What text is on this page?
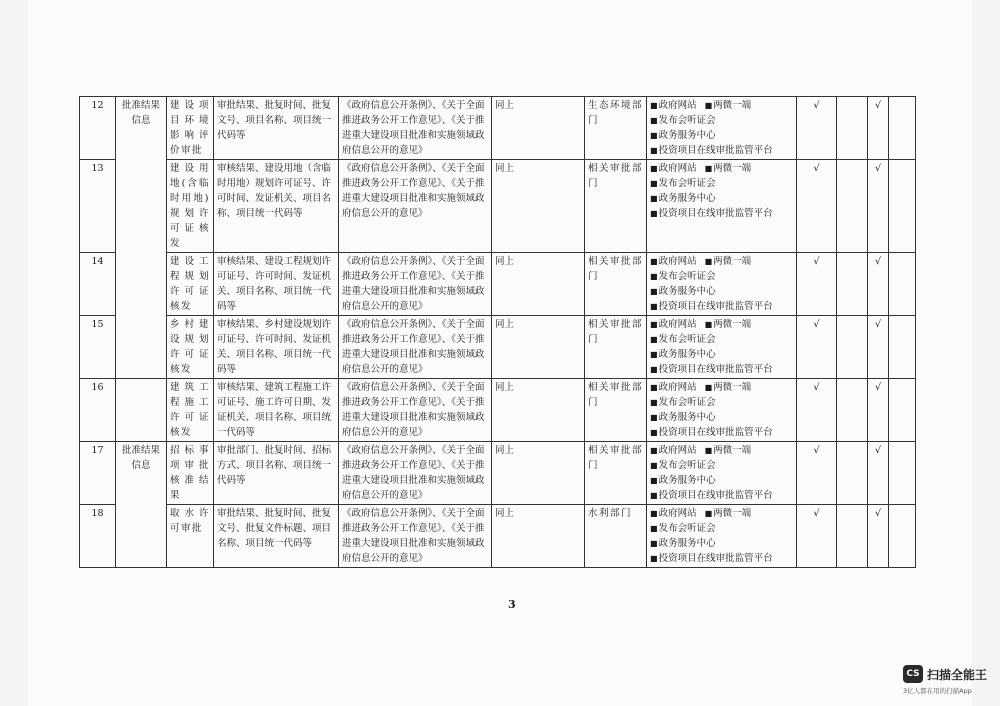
12	批准结果信息	建设项目环境影响评价审批	审批结果、批复时间、批复文号、项目名称、项目统一代码等	《政府信息公开条例》、《关于全面推进政务公开工作意见》、《关于推进重大建设项目批准和实施领域政府信息公开的意见》	同上	生态环境部门	■政府网站 ■两微一端
■发布会听证会
■政务服务中心
■投资项目在线审批监管平台	√		√	
13		建设用地(含临时用地)规划许可证核发	审核结果、建设用地（含临时用地）规划许可证号、许可时间、发证机关、项目名称、项目统一代码等	《政府信息公开条例》、《关于全面推进政务公开工作意见》、《关于推进重大建设项目批准和实施领域政府信息公开的意见》	同上	相关审批部门	■政府网站 ■两微一端
■发布会听证会
■政务服务中心
■投资项目在线审批监管平台	√		√	
14		建设工程规划许可证核发	审核结果、建设工程规划许可证号、许可时间、发证机关、项目名称、项目统一代码等	《政府信息公开条例》、《关于全面推进政务公开工作意见》、《关于推进重大建设项目批准和实施领域政府信息公开的意见》	同上	相关审批部门	■政府网站 ■两微一端
■发布会听证会
■政务服务中心
■投资项目在线审批监管平台	√		√	
15		乡村建设规划许可证核发	审核结果、乡村建设规划许可证号、许可时间、发证机关、项目名称、项目统一代码等	《政府信息公开条例》、《关于全面推进政务公开工作意见》、《关于推进重大建设项目批准和实施领域政府信息公开的意见》	同上	相关审批部门	■政府网站 ■两微一端
■发布会听证会
■政务服务中心
■投资项目在线审批监管平台	√		√	
16		建筑工程施工许可证核发	审核结果、建筑工程施工许可证号、施工许可日期、发证机关、项目名称、项目统一代码等	《政府信息公开条例》、《关于全面推进政务公开工作意见》、《关于推进重大建设项目批准和实施领域政府信息公开的意见》	同上	相关审批部门	■政府网站 ■两微一端
■发布会听证会
■政务服务中心
■投资项目在线审批监管平台	√		√	
17	批准结果信息	招标事项审批核准结果	审批部门、批复时间、招标方式、项目名称、项目统一代码等	《政府信息公开条例》、《关于全面推进政务公开工作意见》、《关于推进重大建设项目批准和实施领域政府信息公开的意见》	同上	相关审批部门	■政府网站 ■两微一端
■发布会听证会
■政务服务中心
■投资项目在线审批监管平台	√		√	
18		取水许可审批	审批结果、批复时间、批复文号、批复文件标题、项目名称、项目统一代码等	《政府信息公开条例》、《关于全面推进政务公开工作意见》、《关于推进重大建设项目批准和实施领域政府信息公开的意见》	同上	水利部门	■政府网站 ■两微一端
■发布会听证会
■政务服务中心
■投资项目在线审批监管平台	√		√	
3
CS 扫描全能王
3亿人都在用的扫描App
